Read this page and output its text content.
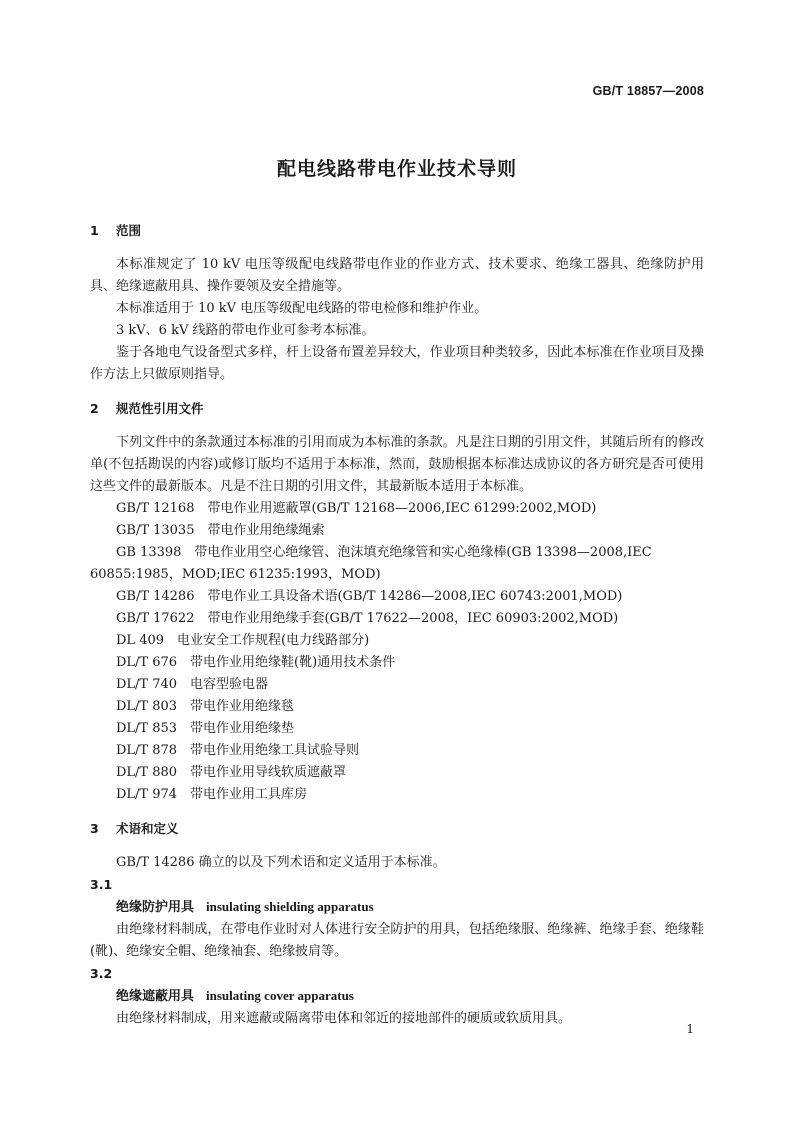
GB/T 18857—2008
配电线路带电作业技术导则

1 范围

本标准规定了 10 kV 电压等级配电线路带电作业的作业方式、技术要求、绝缘工器具、绝缘防护用具、绝缘遮蔽用具、操作要领及安全措施等。

本标准适用于 10 kV 电压等级配电线路的带电检修和维护作业。

3 kV、6 kV 线路的带电作业可参考本标准。

鉴于各地电气设备型式多样，杆上设备布置差异较大，作业项目种类较多，因此本标准在作业项目及操作方法上只做原则指导。

2 规范性引用文件

下列文件中的条款通过本标准的引用而成为本标准的条款。凡是注日期的引用文件，其随后所有的修改单(不包括勘误的内容)或修订版均不适用于本标准，然而，鼓励根据本标准达成协议的各方研究是否可使用这些文件的最新版本。凡是不注日期的引用文件，其最新版本适用于本标准。

GB/T 12168　带电作业用遮蔽罩(GB/T 12168—2006,IEC 61299:2002,MOD)

GB/T 13035　带电作业用绝缘绳索

GB 13398　带电作业用空心绝缘管、泡沫填充绝缘管和实心绝缘棒(GB 13398—2008,IEC 60855:1985，MOD;IEC 61235:1993，MOD)

GB/T 14286　带电作业工具设备术语(GB/T 14286—2008,IEC 60743:2001,MOD)

GB/T 17622　带电作业用绝缘手套(GB/T 17622—2008，IEC 60903:2002,MOD)

DL 409　电业安全工作规程(电力线路部分)

DL/T 676　带电作业用绝缘鞋(靴)通用技术条件

DL/T 740　电容型验电器

DL/T 803　带电作业用绝缘毯

DL/T 853　带电作业用绝缘垫

DL/T 878　带电作业用绝缘工具试验导则

DL/T 880　带电作业用导线软质遮蔽罩

DL/T 974　带电作业用工具库房

3 术语和定义

GB/T 14286 确立的以及下列术语和定义适用于本标准。

3.1

绝缘防护用具 insulating shielding apparatus

由绝缘材料制成，在带电作业时对人体进行安全防护的用具，包括绝缘服、绝缘裤、绝缘手套、绝缘鞋(靴)、绝缘安全帽、绝缘袖套、绝缘披肩等。

3.2

绝缘遮蔽用具 insulating cover apparatus

由绝缘材料制成，用来遮蔽或隔离带电体和邻近的接地部件的硬质或软质用具。

1
